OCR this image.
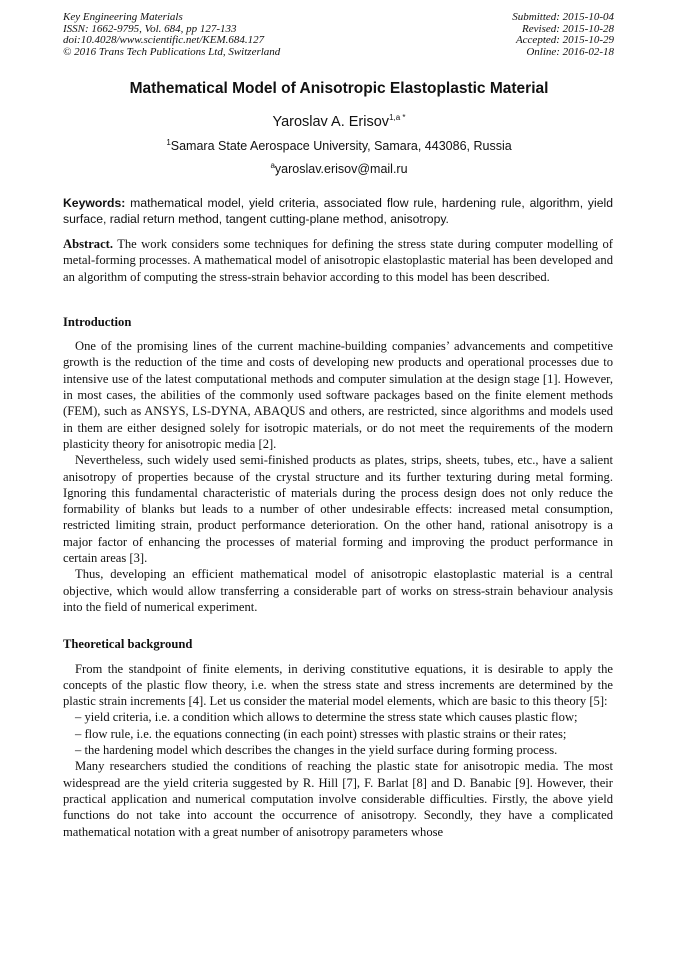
Key Engineering Materials
ISSN: 1662-9795, Vol. 684, pp 127-133
doi:10.4028/www.scientific.net/KEM.684.127
© 2016 Trans Tech Publications Ltd, Switzerland
Submitted: 2015-10-04
Revised: 2015-10-28
Accepted: 2015-10-29
Online: 2016-02-18
Mathematical Model of Anisotropic Elastoplastic Material
Yaroslav A. Erisov$^{1,a *}$
$^1$Samara State Aerospace University, Samara, 443086, Russia
$^a$yaroslav.erisov@mail.ru
Keywords: mathematical model, yield criteria, associated flow rule, hardening rule, algorithm, yield surface, radial return method, tangent cutting-plane method, anisotropy.

Abstract. The work considers some techniques for defining the stress state during computer modelling of metal-forming processes. A mathematical model of anisotropic elastoplastic material has been developed and an algorithm of computing the stress-strain behavior according to this model has been described.

Introduction

One of the promising lines of the current machine-building companies’ advancements and competitive growth is the reduction of the time and costs of developing new products and operational processes due to intensive use of the latest computational methods and computer simulation at the design stage [1]. However, in most cases, the abilities of the commonly used software packages based on the finite element methods (FEM), such as ANSYS, LS-DYNA, ABAQUS and others, are restricted, since algorithms and models used in them are either designed solely for isotropic materials, or do not meet the requirements of the modern plasticity theory for anisotropic media [2].

Nevertheless, such widely used semi-finished products as plates, strips, sheets, tubes, etc., have a salient anisotropy of properties because of the crystal structure and its further texturing during metal forming. Ignoring this fundamental characteristic of materials during the process design does not only reduce the formability of blanks but leads to a number of other undesirable effects: increased metal consumption, restricted limiting strain, product performance deterioration. On the other hand, rational anisotropy is a major factor of enhancing the processes of material forming and improving the product performance in certain areas [3].

Thus, developing an efficient mathematical model of anisotropic elastoplastic material is a central objective, which would allow transferring a considerable part of works on stress-strain behaviour analysis into the field of numerical experiment.

Theoretical background

From the standpoint of finite elements, in deriving constitutive equations, it is desirable to apply the concepts of the plastic flow theory, i.e. when the stress state and stress increments are determined by the plastic strain increments [4]. Let us consider the material model elements, which are basic to this theory [5]:

– yield criteria, i.e. a condition which allows to determine the stress state which causes plastic flow;

– flow rule, i.e. the equations connecting (in each point) stresses with plastic strains or their rates;

– the hardening model which describes the changes in the yield surface during forming process.

Many researchers studied the conditions of reaching the plastic state for anisotropic media. The most widespread are the yield criteria suggested by R. Hill [7], F. Barlat [8] and D. Banabic [9]. However, their practical application and numerical computation involve considerable difficulties. Firstly, the above yield functions do not take into account the occurrence of anisotropy. Secondly, they have a complicated mathematical notation with a great number of anisotropy parameters whose
